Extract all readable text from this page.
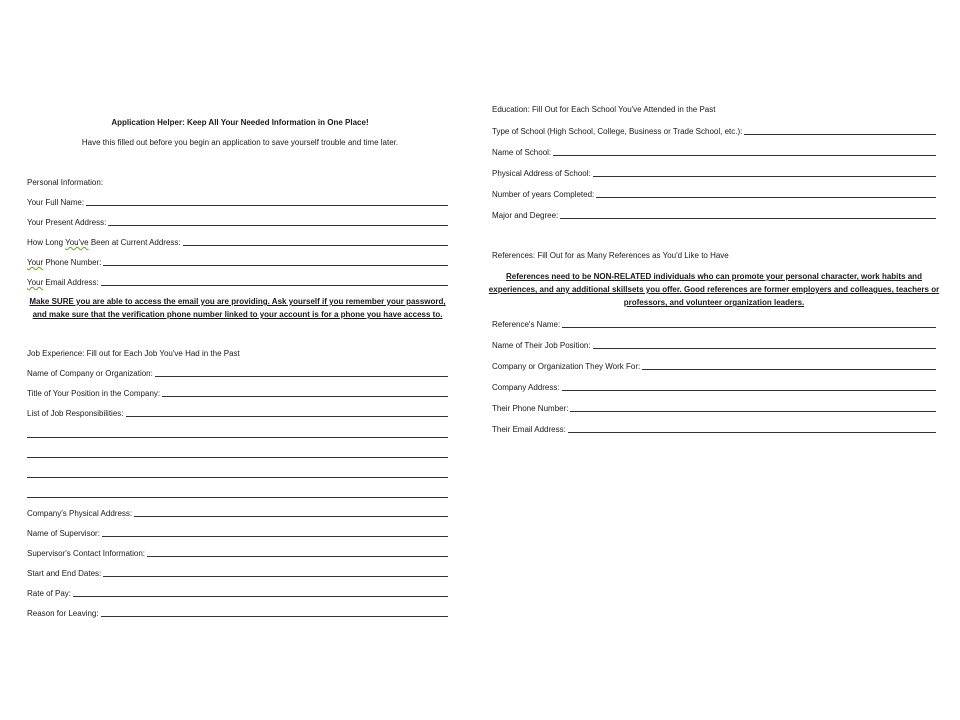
Application Helper: Keep All Your Needed Information in One Place!
Have this filled out before you begin an application to save yourself trouble and time later.
Personal Information:
Your Full Name:
Your Present Address:
How Long You've Been at Current Address:
Your Phone Number:
Your Email Address:
Make SURE you are able to access the email you are providing. Ask yourself if you remember your password, and make sure that the verification phone number linked to your account is for a phone you have access to.
Job Experience: Fill out for Each Job You've Had in the Past
Name of Company or Organization:
Title of Your Position in the Company:
List of Job Responsibilities:
Company's Physical Address:
Name of Supervisor:
Supervisor's Contact Information:
Start and End Dates:
Rate of Pay:
Reason for Leaving:
Education: Fill Out for Each School You've Attended in the Past
Type of School (High School, College, Business or Trade School, etc.):
Name of School:
Physical Address of School:
Number of years Completed:
Major and Degree:
References: Fill Out for as Many References as You'd Like to Have
References need to be NON-RELATED individuals who can promote your personal character, work habits and experiences, and any additional skillsets you offer. Good references are former employers and colleagues, teachers or professors, and volunteer organization leaders.
Reference's Name:
Name of Their Job Position:
Company or Organization They Work For:
Company Address:
Their Phone Number:
Their Email Address:
